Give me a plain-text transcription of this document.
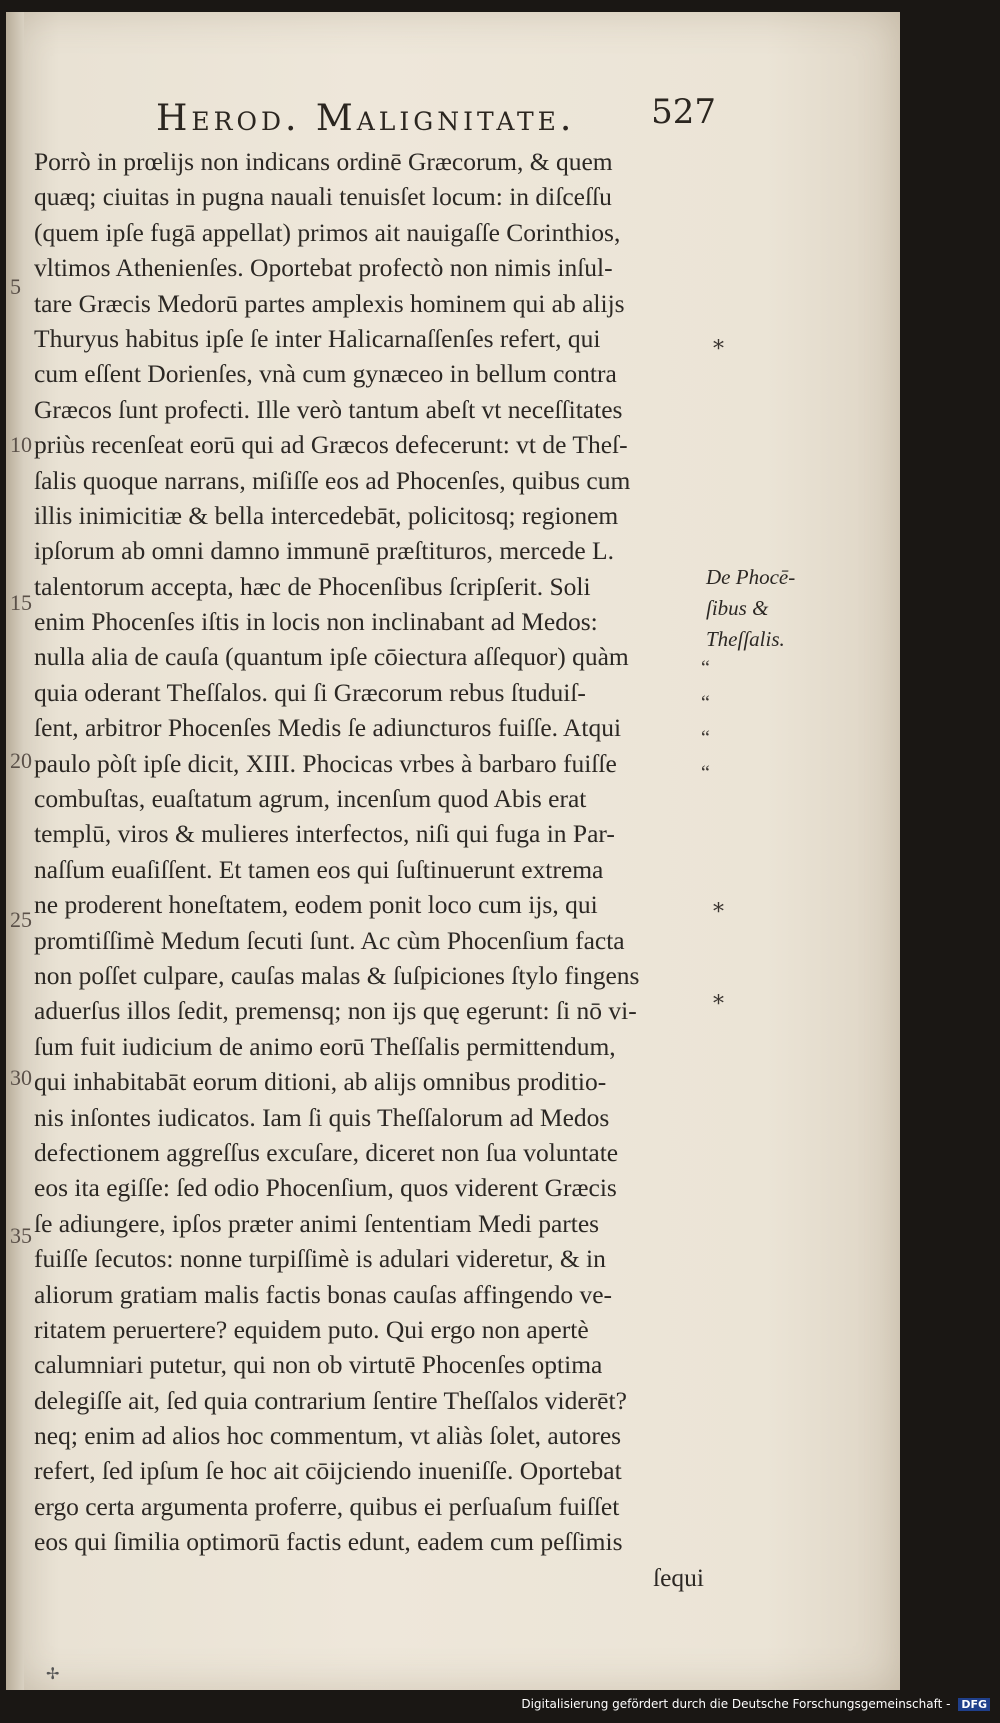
Herod. Malignitate. 527
Porrò in prœlijs non indicans ordinē Græcorum, & quem
quæq; ciuitas in pugna nauali tenuisſet locum: in diſceſſu
(quem ipſe fugā appellat) primos ait nauigaſſe Corinthios,
vltimos Athenienſes. Oportebat profectò non nimis inſul-
tare Græcis Medorū partes amplexis hominem qui ab alijs
Thuryus habitus ipſe ſe inter Halicarnaſſenſes refert, qui
cum eſſent Dorienſes, vnà cum gynæceo in bellum contra
Græcos ſunt profecti. Ille verò tantum abeſt vt neceſſitates
priùs recenſeat eorū qui ad Græcos defecerunt: vt de Theſ-
ſalis quoque narrans, miſiſſe eos ad Phocenſes, quibus cum
illis inimicitiæ & bella intercedebāt, policitosq; regionem
ipſorum ab omni damno immunē præſtituros, mercede L.
talentorum accepta, hæc de Phocenſibus ſcripſerit. Soli
enim Phocenſes iſtis in locis non inclinabant ad Medos:
nulla alia de cauſa (quantum ipſe cōiectura aſſequor) quàm
quia oderant Theſſalos. qui ſi Græcorum rebus ſtuduiſ-
ſent, arbitror Phocenſes Medis ſe adiuncturos fuiſſe. Atqui
paulo pòſt ipſe dicit, XIII. Phocicas vrbes à barbaro fuiſſe
combuſtas, euaſtatum agrum, incenſum quod Abis erat
templū, viros & mulieres interfectos, niſi qui fuga in Par-
naſſum euaſiſſent. Et tamen eos qui ſuſtinuerunt extrema
ne proderent honeſtatem, eodem ponit loco cum ijs, qui
promtiſſimè Medum ſecuti ſunt. Ac cùm Phocenſium facta
non poſſet culpare, cauſas malas & ſuſpiciones ſtylo fingens
aduerſus illos ſedit, premensq; non ijs quę egerunt: ſi nō vi-
ſum fuit iudicium de animo eorū Theſſalis permittendum,
qui inhabitabāt eorum ditioni, ab alijs omnibus proditio-
nis inſontes iudicatos. Iam ſi quis Theſſalorum ad Medos
defectionem aggreſſus excuſare, diceret non ſua voluntate
eos ita egiſſe: ſed odio Phocenſium, quos viderent Græcis
ſe adiungere, ipſos præter animi ſententiam Medi partes
fuiſſe ſecutos: nonne turpiſſimè is adulari videretur, & in
aliorum gratiam malis factis bonas cauſas affingendo ve-
ritatem peruertere? equidem puto. Qui ergo non apertè
calumniari putetur, qui non ob virtutē Phocenſes optima
delegiſſe ait, ſed quia contrarium ſentire Theſſalos viderēt?
neq; enim ad alios hoc commentum, vt aliàs ſolet, autores
refert, ſed ipſum ſe hoc ait cōijciendo inueniſſe. Oportebat
ergo certa argumenta proferre, quibus ei perſuaſum fuiſſet
eos qui ſimilia optimorū factis edunt, eadem cum peſſimis
ſequi
5
10
15
20
25
30
35
*
*
*
“
“
“
“
De Phocē-
ſibus &
Theſſalis.
✢
Digitalisierung gefördert durch die Deutsche Forschungsgemeinschaft - DFG
